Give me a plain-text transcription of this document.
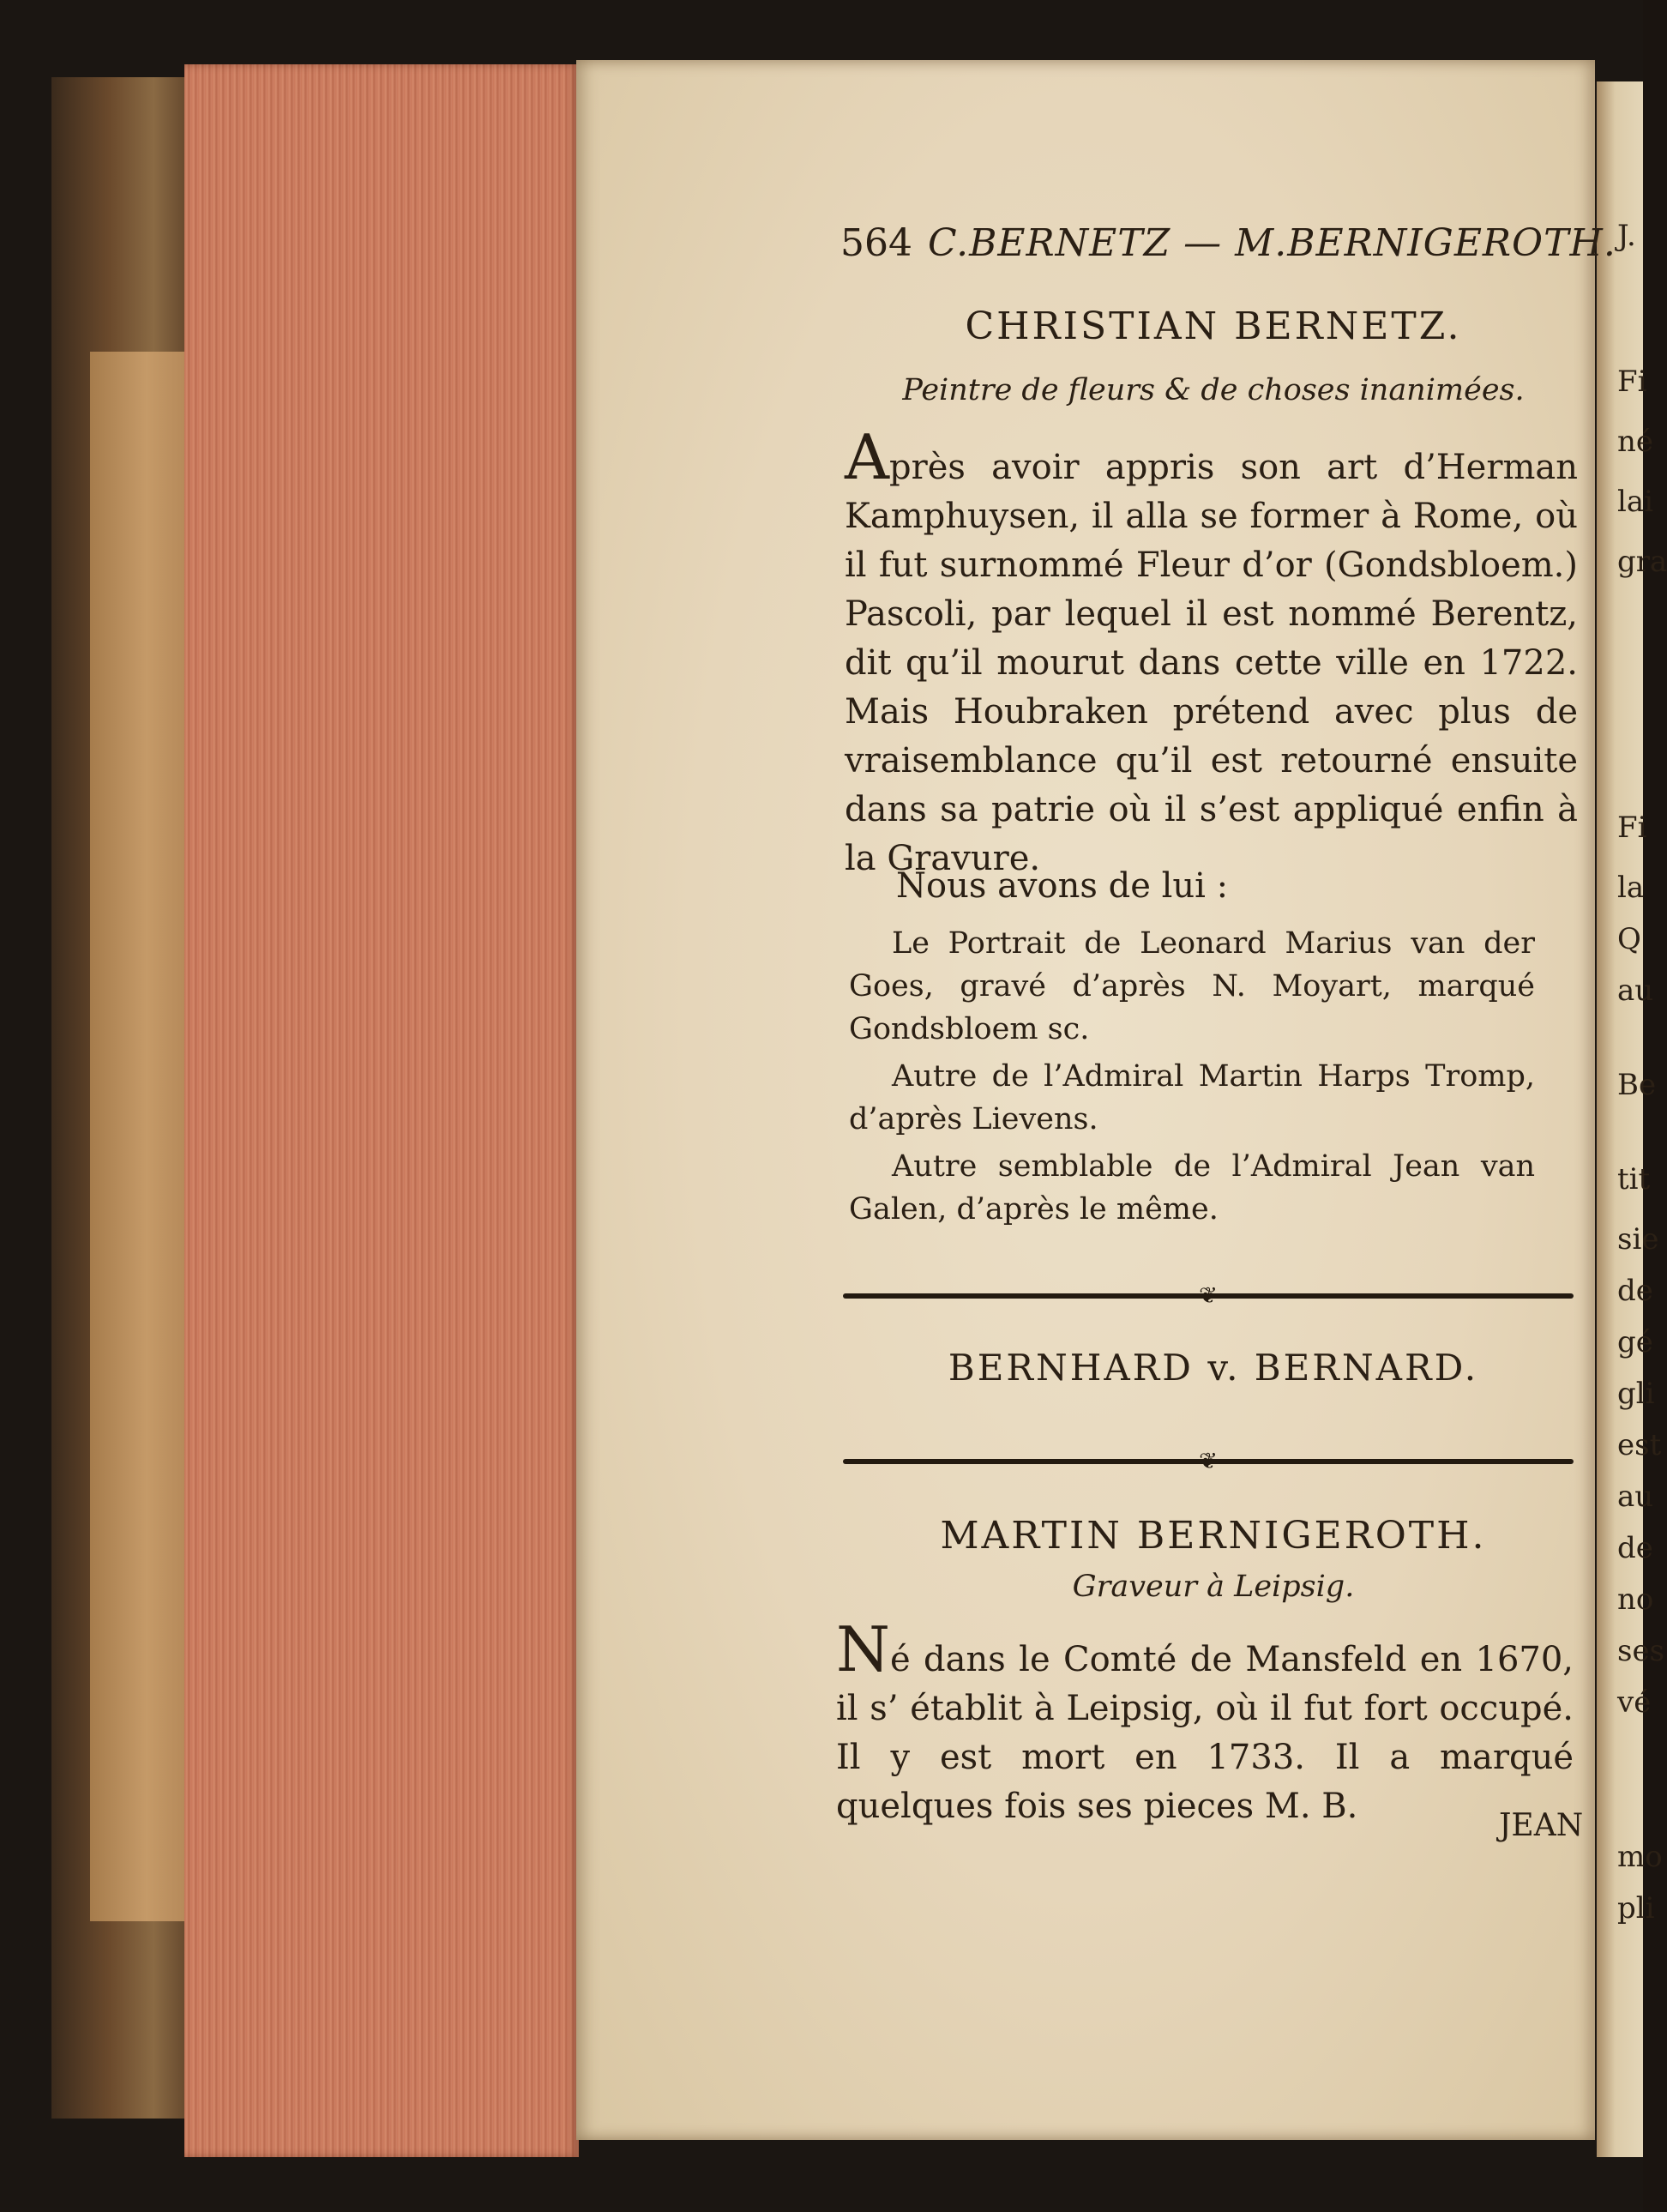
J.
Fi
né
lai
gra
Fi
la
Q
au
Be
tit
sie
de
gé
gli
est
au
de
no
ses
vé
mo
pli
564 C.BERNETZ — M.BERNIGEROTH.
CHRISTIAN BERNETZ.
Peintre de fleurs & de choses inanimées.
Après avoir appris son art d’Herman Kamphuysen, il alla se former à Rome, où il fut surnommé Fleur d’or (Gondsbloem.) Pascoli, par lequel il est nommé Berentz, dit qu’il mourut dans cette ville en 1722. Mais Houbraken prétend avec plus de vraisemblance qu’il est retourné ensuite dans sa patrie où il s’est appliqué enfin à la Gravure.
Nous avons de lui :
Le Portrait de Leonard Marius van der Goes, gravé d’après N. Moyart, marqué Gondsbloem sc.
Autre de l’Admiral Martin Harps Tromp, d’après Lievens.
Autre semblable de l’Admiral Jean van Galen, d’après le même.
❦
BERNHARD v. BERNARD.
❦
MARTIN BERNIGEROTH.
Graveur à Leipsig.
Né dans le Comté de Mansfeld en 1670, il s’ établit à Leipsig, où il fut fort occupé. Il y est mort en 1733. Il a marqué quelques fois ses pieces M. B.	JEAN
